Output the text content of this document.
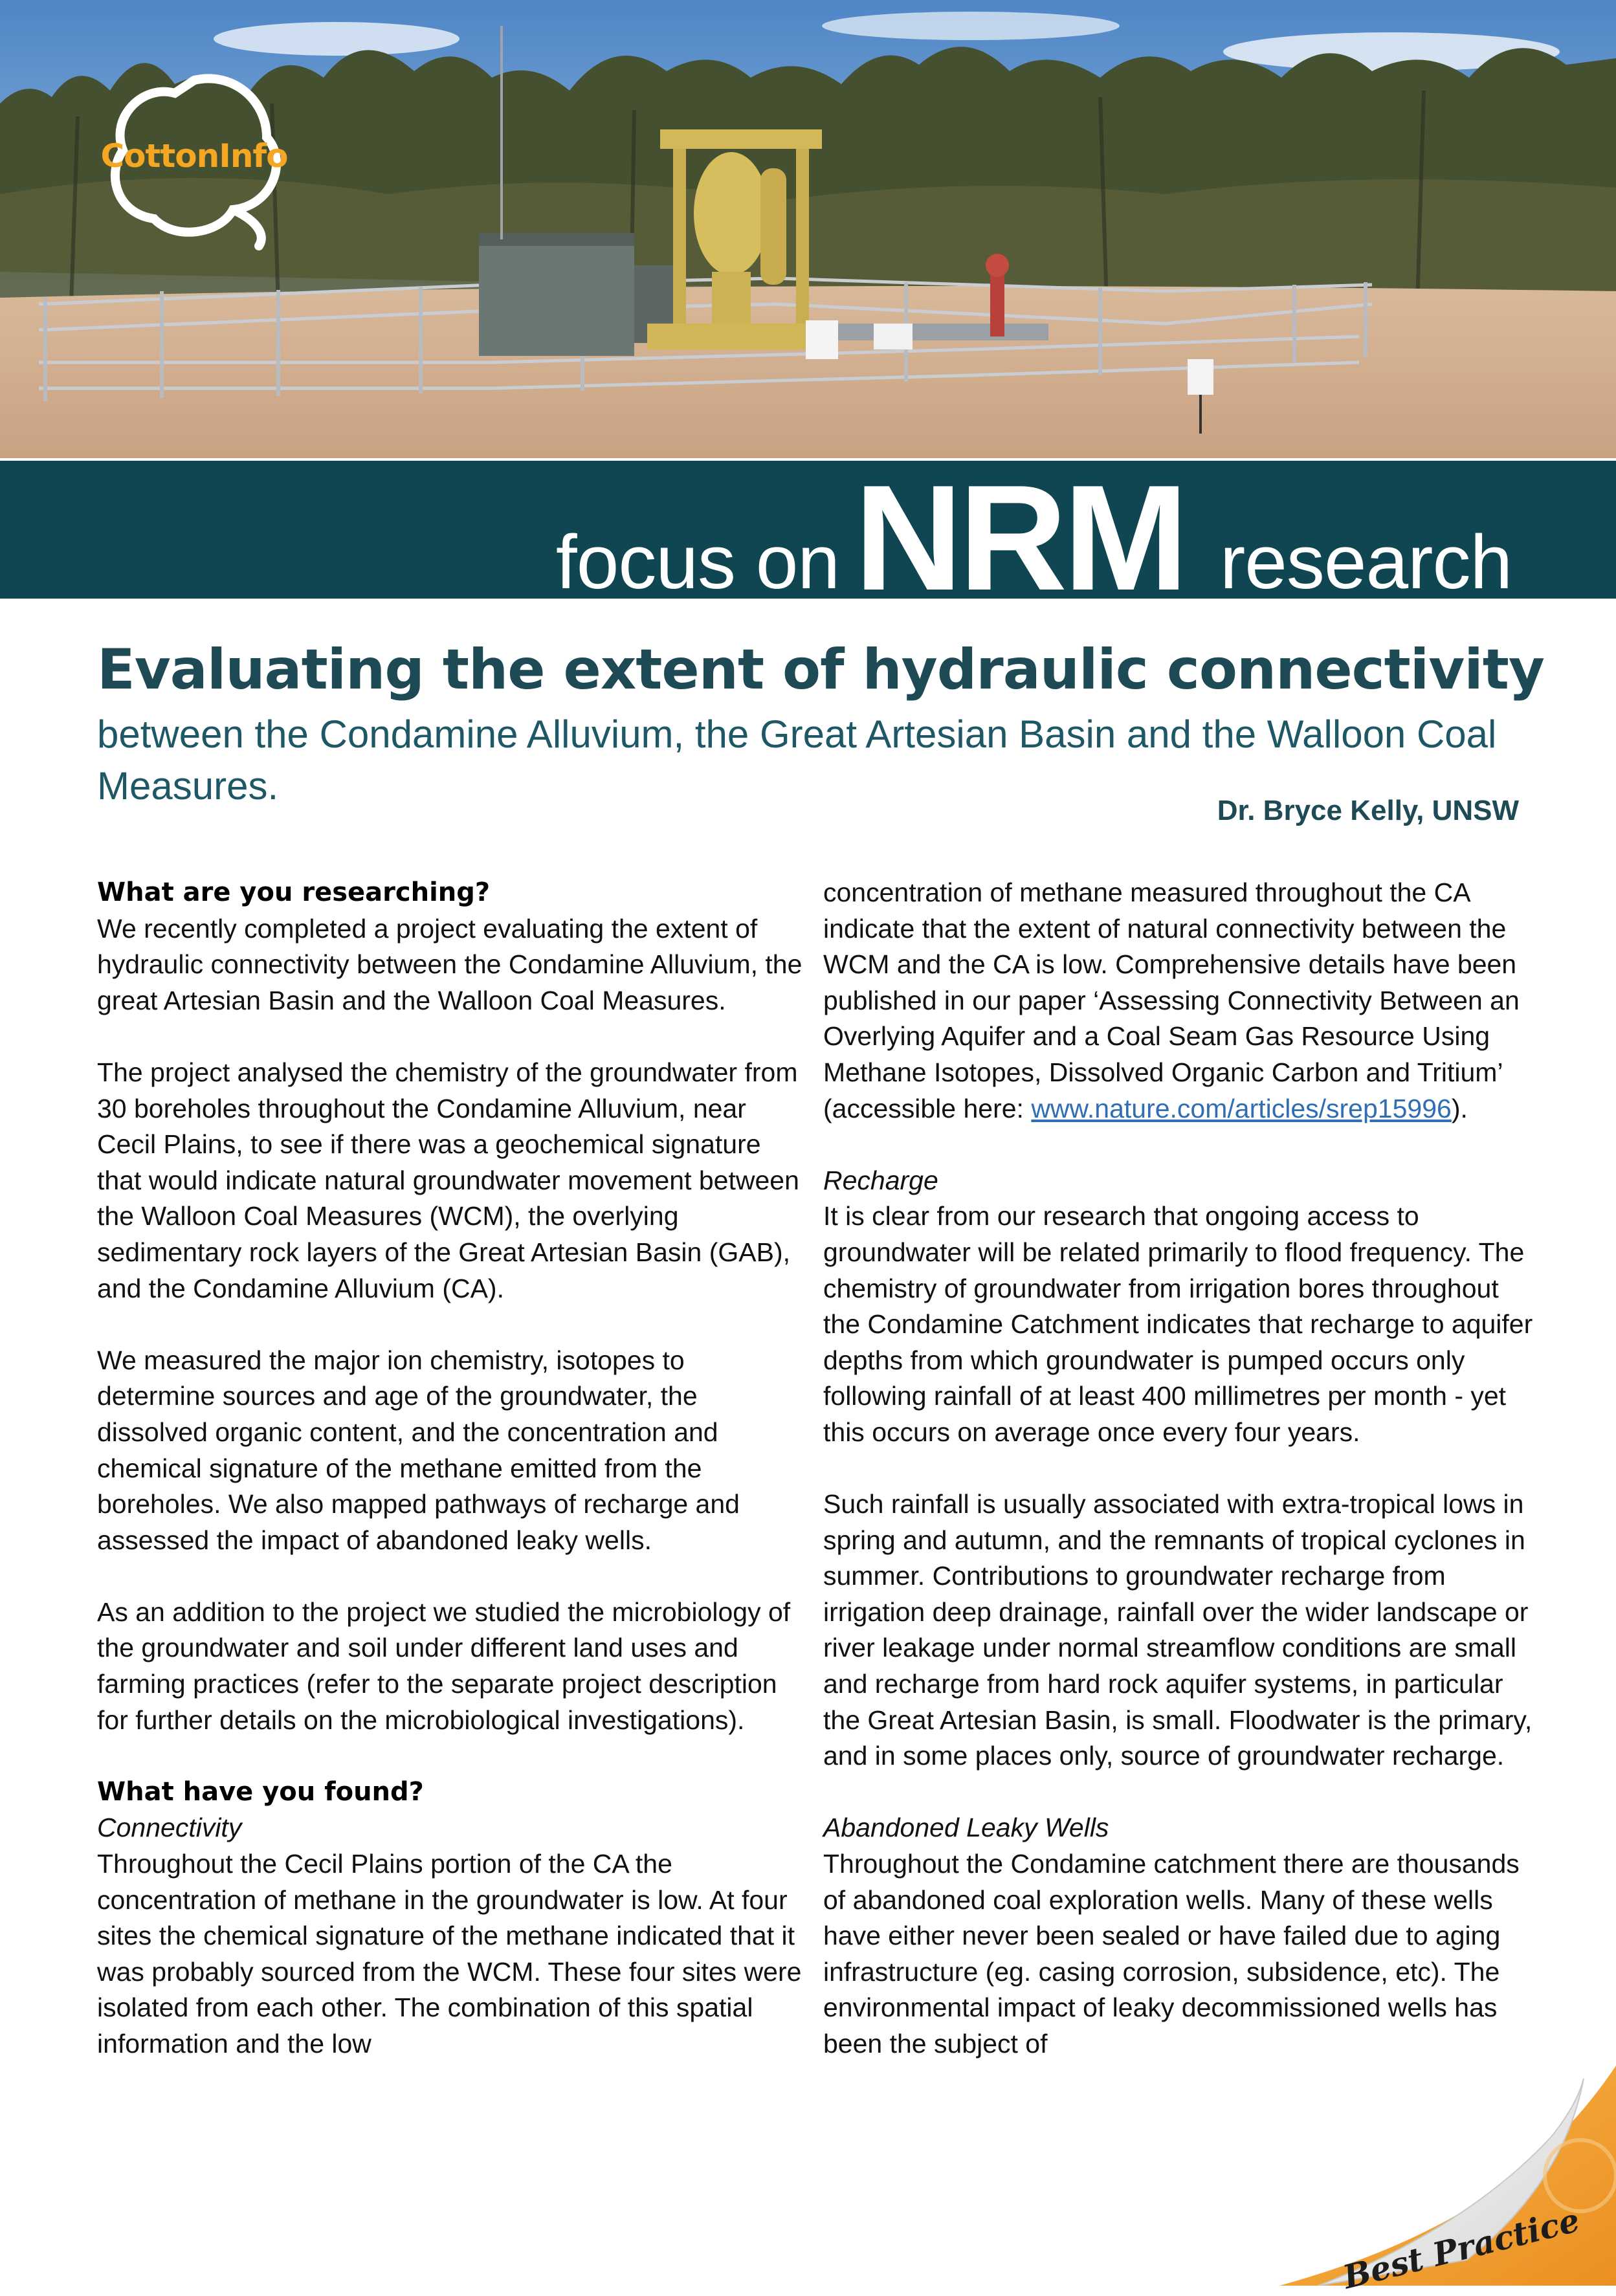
CottonInfo
focus on NRM research
Evaluating the extent of hydraulic connectivity

between the Condamine Alluvium, the Great Artesian Basin and the Walloon Coal Measures.

Dr. Bryce Kelly, UNSW

What are you researching?

We recently completed a project evaluating the extent of hydraulic connectivity between the Condamine Alluvium, the great Artesian Basin and the Walloon Coal Measures.

The project analysed the chemistry of the groundwater from 30 boreholes throughout the Condamine Alluvium, near Cecil Plains, to see if there was a geochemical signature that would indicate natural groundwater movement between the Walloon Coal Measures (WCM), the overlying sedimentary rock layers of the Great Artesian Basin (GAB), and the Condamine Alluvium (CA).

We measured the major ion chemistry, isotopes to determine sources and age of the groundwater, the dissolved organic content, and the concentration and chemical signature of the methane emitted from the boreholes. We also mapped pathways of recharge and assessed the impact of abandoned leaky wells.

As an addition to the project we studied the microbiology of the groundwater and soil under different land uses and farming practices (refer to the separate project description for further details on the microbiological investigations).

What have you found?

Connectivity

Throughout the Cecil Plains portion of the CA the concentration of methane in the groundwater is low. At four sites the chemical signature of the methane indicated that it was probably sourced from the WCM. These four sites were isolated from each other. The combination of this spatial information and the low

concentration of methane measured throughout the CA indicate that the extent of natural connectivity between the WCM and the CA is low. Comprehensive details have been published in our paper ‘Assessing Connectivity Between an Overlying Aquifer and a Coal Seam Gas Resource Using Methane Isotopes, Dissolved Organic Carbon and Tritium’ (accessible here: www.nature.com/articles/srep15996).

Recharge

It is clear from our research that ongoing access to groundwater will be related primarily to flood frequency. The chemistry of groundwater from irrigation bores throughout the Condamine Catchment indicates that recharge to aquifer depths from which groundwater is pumped occurs only following rainfall of at least 400 millimetres per month - yet this occurs on average once every four years.

Such rainfall is usually associated with extra-tropical lows in spring and autumn, and the remnants of tropical cyclones in summer. Contributions to groundwater recharge from irrigation deep drainage, rainfall over the wider landscape or river leakage under normal streamflow conditions are small and recharge from hard rock aquifer systems, in particular the Great Artesian Basin, is small. Floodwater is the primary, and in some places only, source of groundwater recharge.

Abandoned Leaky Wells

Throughout the Condamine catchment there are thousands of abandoned coal exploration wells. Many of these wells have either never been sealed or have failed due to aging infrastructure (eg. casing corrosion, subsidence, etc). The environmental impact of leaky decommissioned wells has been the subject of

Best Practice
